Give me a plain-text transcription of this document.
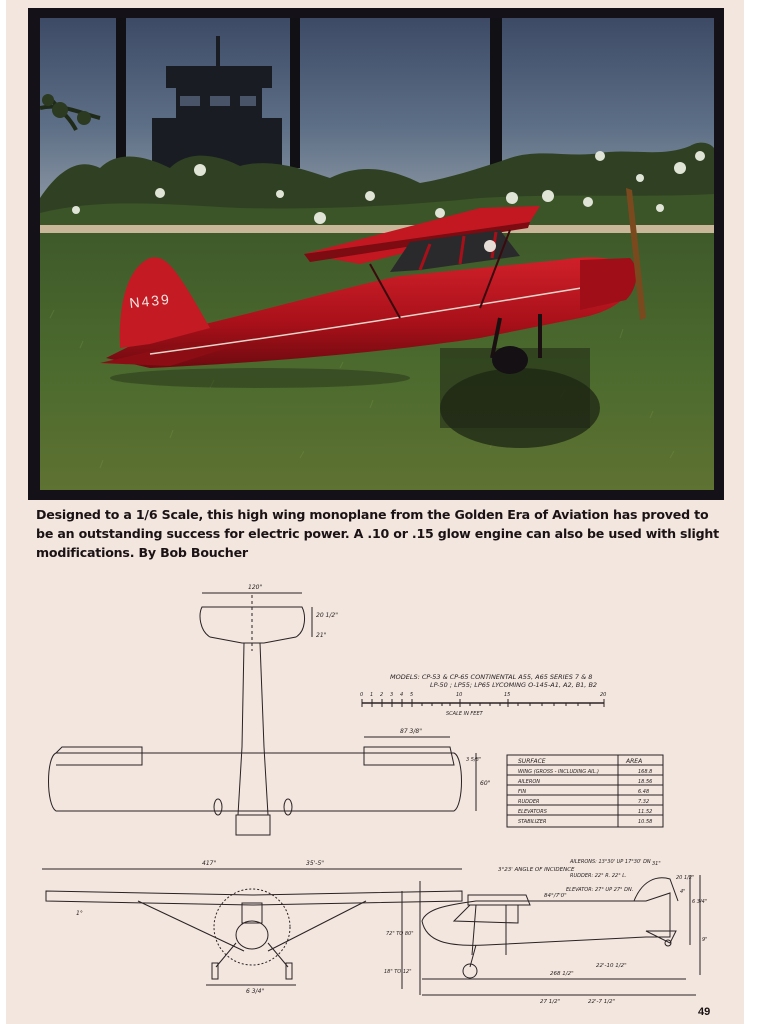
N439
Designed to a 1/6 Scale, this high wing monoplane from the Golden Era of Aviation has proved to be an outstanding success for electric power. A .10 or .15 glow engine can also be used with slight modifications. By Bob Boucher
120"
20 1/2"
21"
87 3/8"
3 5/8"
60"
MODELS: CP-53 & CP-65 CONTINENTAL A55, A65 SERIES 7 & 8
LP-50 ; LP55; LP65 LYCOMING O-145-A1, A2, B1, B2
0 1 2 3 4 5	10	15	20
SCALE IN FEET
SURFACE	AREA
WING (GROSS - INCLUDING AIL.)	168.8
AILERON	18.56
FIN	6.48
RUDDER	7.32
ELEVATORS	11.52
STABILIZER	10.58
417"	35'-5"
1°
6 3/4"
3°23' ANGLE OF INCIDENCE
84°/7'0"
AILERONS: 13°30' UP 17°30' DN
RUDDER: 22° R. 22° L.
ELEVATOR: 27° UP 27° DN.
31"
72" TO 80"
18" TO 12"	268 1/2"
22'-10 1/2"
27 1/2"	22'-7 1/2"
20 1/2"
6 3/4"
9"
4"
49
